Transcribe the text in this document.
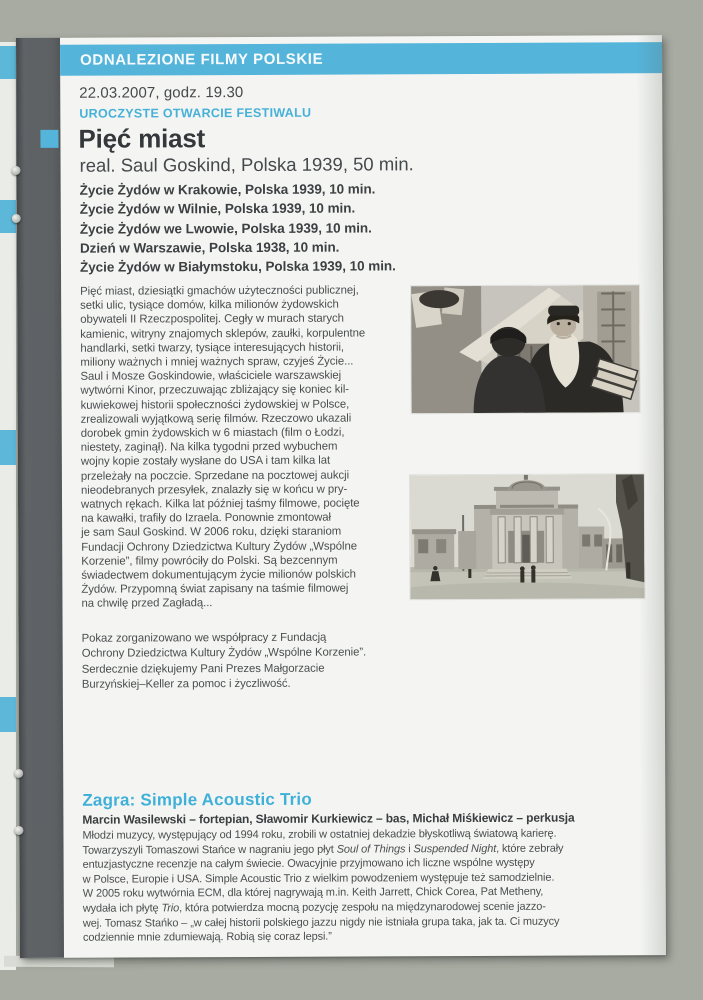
ODNALEZIONE FILMY POLSKIE
22.03.2007, godz. 19.30
UROCZYSTE OTWARCIE FESTIWALU
Pięć miast
real. Saul Goskind, Polska 1939, 50 min.
Życie Żydów w Krakowie, Polska 1939, 10 min.
Życie Żydów w Wilnie, Polska 1939, 10 min.
Życie Żydów we Lwowie, Polska 1939, 10 min.
Dzień w Warszawie, Polska 1938, 10 min.
Życie Żydów w Białymstoku, Polska 1939, 10 min.
Pięć miast, dziesiątki gmachów użyteczności publicznej,
setki ulic, tysiące domów, kilka milionów żydowskich
obywateli II Rzeczpospolitej. Cegły w murach starych
kamienic, witryny znajomych sklepów, zaułki, korpulentne
handlarki, setki twarzy, tysiące interesujących historii,
miliony ważnych i mniej ważnych spraw, czyjeś Życie...
Saul i Mosze Goskindowie, właściciele warszawskiej
wytwórni Kinor, przeczuwając zbliżający się koniec kil-
kuwiekowej historii społeczności żydowskiej w Polsce,
zrealizowali wyjątkową serię filmów. Rzeczowo ukazali
dorobek gmin żydowskich w 6 miastach (film o Łodzi,
niestety, zaginął). Na kilka tygodni przed wybuchem
wojny kopie zostały wysłane do USA i tam kilka lat
przeleżały na poczcie. Sprzedane na pocztowej aukcji
nieodebranych przesyłek, znalazły się w końcu w pry-
watnych rękach. Kilka lat później taśmy filmowe, pocięte
na kawałki, trafiły do Izraela. Ponownie zmontował
je sam Saul Goskind. W 2006 roku, dzięki staraniom
Fundacji Ochrony Dziedzictwa Kultury Żydów „Wspólne
Korzenie”, filmy powróciły do Polski. Są bezcennym
świadectwem dokumentującym życie milionów polskich
Żydów. Przypomną świat zapisany na taśmie filmowej
na chwilę przed Zagładą...
Pokaz zorganizowano we współpracy z Fundacją
Ochrony Dziedzictwa Kultury Żydów „Wspólne Korzenie”.
Serdecznie dziękujemy Pani Prezes Małgorzacie
Burzyńskiej–Keller za pomoc i życzliwość.
Zagra: Simple Acoustic Trio
Marcin Wasilewski – fortepian, Sławomir Kurkiewicz – bas, Michał Miśkiewicz – perkusja
Młodzi muzycy, występujący od 1994 roku, zrobili w ostatniej dekadzie błyskotliwą światową karierę.
Towarzyszyli Tomaszowi Stańce w nagraniu jego płyt Soul of Things i Suspended Night, które zebrały
entuzjastyczne recenzje na całym świecie. Owacyjnie przyjmowano ich liczne wspólne występy
w Polsce, Europie i USA. Simple Acoustic Trio z wielkim powodzeniem występuje też samodzielnie.
W 2005 roku wytwórnia ECM, dla której nagrywają m.in. Keith Jarrett, Chick Corea, Pat Metheny,
wydała ich płytę Trio, która potwierdza mocną pozycję zespołu na międzynarodowej scenie jazzo-
wej. Tomasz Stańko – „w całej historii polskiego jazzu nigdy nie istniała grupa taka, jak ta. Ci muzycy
codziennie mnie zdumiewają. Robią się coraz lepsi.”
